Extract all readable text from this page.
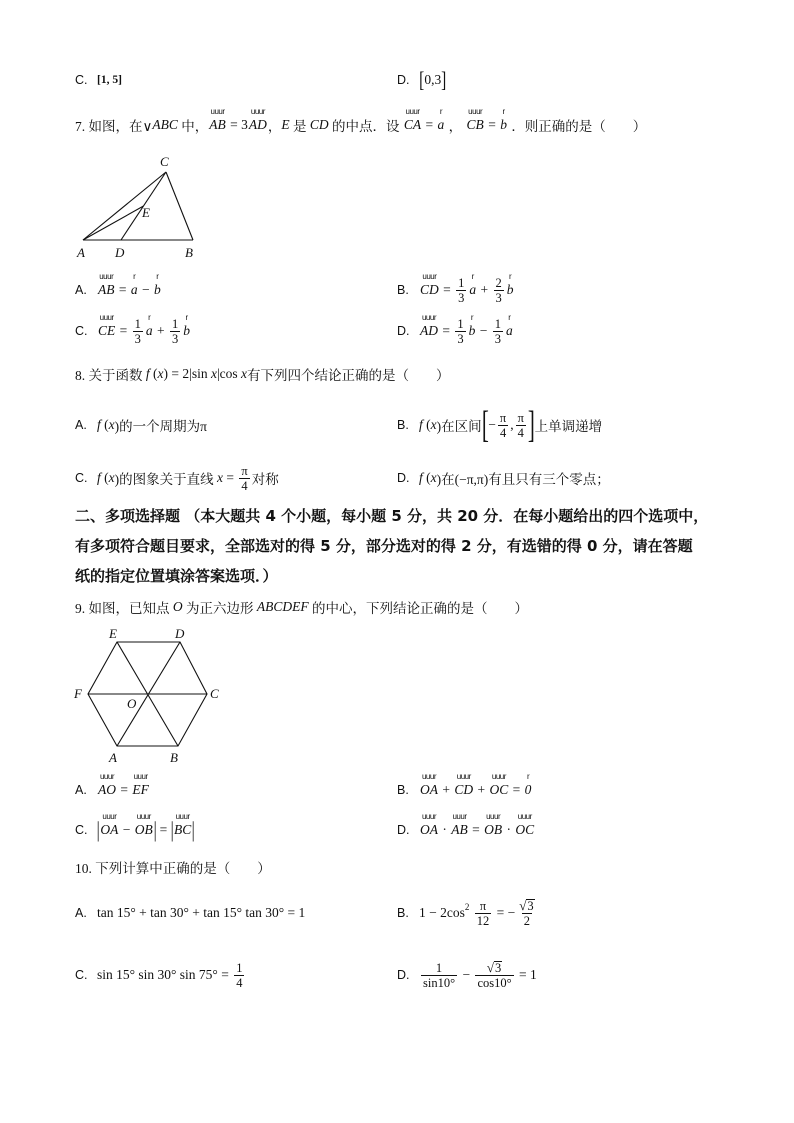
C. [1, 5]	D. [ 0,3 ]
7. 如图，在∨ ABC 中，
uuur
AB = 3
uuur
AD ， E 是 CD 的中点．设
uuur
CA =
r
a ，
uuur
CB =
r
b ．则正确的是（　　）
C
E
A D	B
A.
uuur
AB =
r
a −
r
b	B.
uuur
CD = $\frac{1}{3}$ r
$a + \frac{2}{3}$ r
b
C.
uuur
CE = $\frac{1}{3}$ r
$a + \frac{1}{3}$ r
b	D.
uuur
AD = $\frac{1}{3}$ r
$b - \frac{1}{3}$ r
a
8. 关于函数 f ( x ) = 2|sin x |cos x 有下列四个结论正确的是（　　）
A. f ( x )的一个周期为π	B. f ( x )在区间 [ − $\frac{\pi}{4}$ , $\frac{\pi}{4}$ ] 上单调递增
C. f ( x )的图象关于直线 $x = \frac{\pi}{4}$ 对称	D. f ( x )在(−π,π)有且只有三个零点；
二、多项选择题 （本大题共 4 个小题，每小题 5 分，共 20 分．在每小题给出的四个选项中，
有多项符合题目要求，全部选对的得 5 分，部分选对的得 2 分，有选错的得 0 分，请在答题
纸的指定位置填涂答案选项．）
9. 如图，已知点 O 为正六边形 ABCDEF 的中心，下列结论正确的是（　　）
E	D
F	C
O
A	B
A.
uuur
AO =
uuur
EF	B.
uuur
OA +
uuur
CD +
uuur
OC =
r
0
C. |
uuur
OA −
uuur
OB | = |
uuur
BC |	D.
uuur
OA ·
uuur
AB =
uuur
OB ·
uuur
OC
10. 下列计算中正确的是（　　）
A. tan 15° + tan 30° + tan 15° tan 30° = 1	B. 1 − 2cos 2
$\frac{\pi}{12}$ = − $\frac{√ 3}{2}$
C. sin 15° sin 30° $\sin 75^\circ = \frac{1}{4}$	D. $\frac{1}{\sin 10^\circ} - \frac{√ 3}{\cos 10^\circ} = 1$
